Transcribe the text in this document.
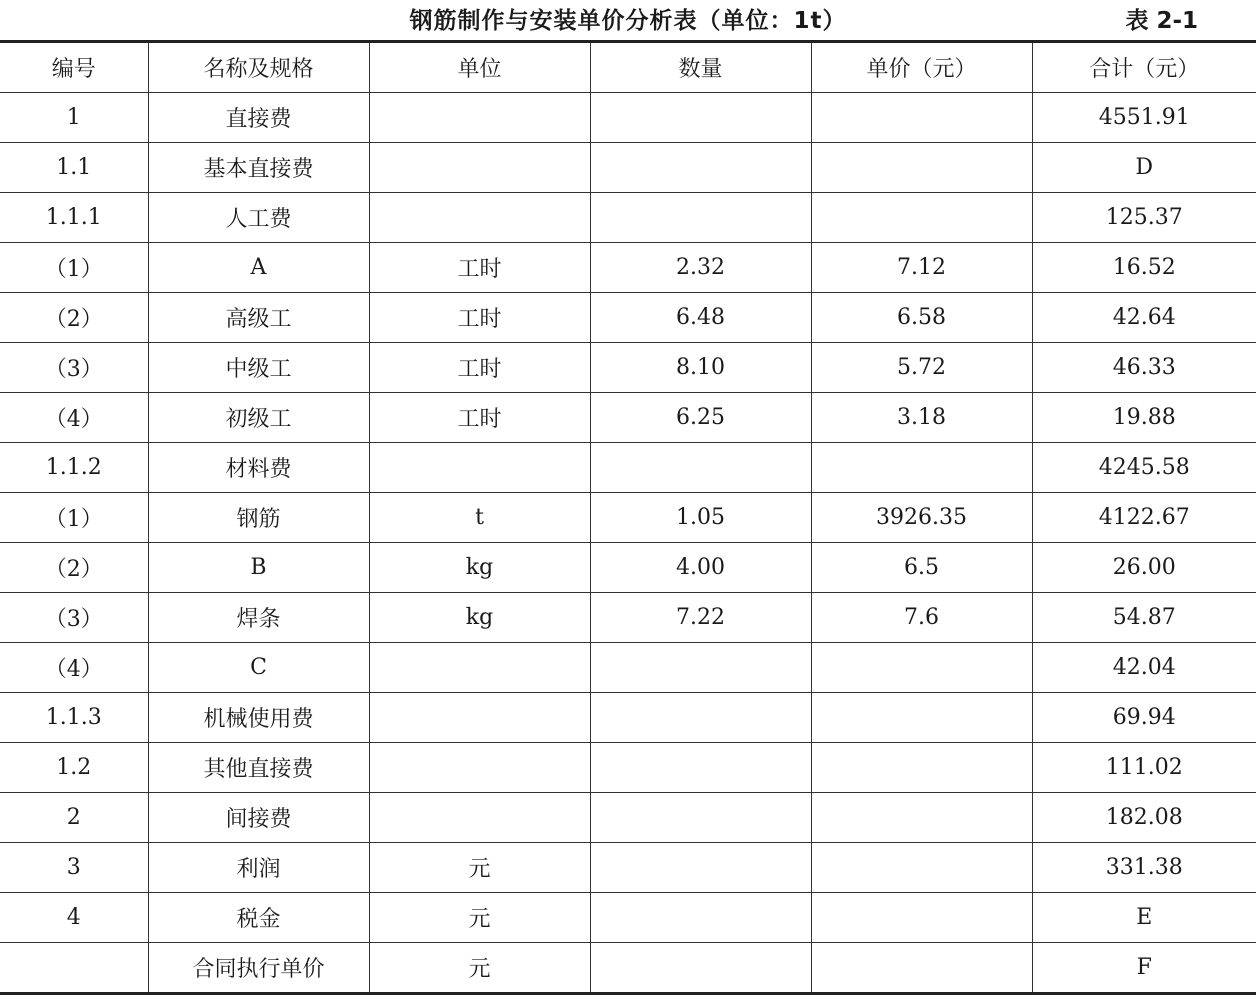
钢筋制作与安装单价分析表（单位：1t）	表 2-1
编号	名称及规格	单位	数量	单价（元）	合计（元）
1	直接费				4551.91
1.1	基本直接费				D
1.1.1	人工费				125.37
（1）	A	工时	2.32	7.12	16.52
（2）	高级工	工时	6.48	6.58	42.64
（3）	中级工	工时	8.10	5.72	46.33
（4）	初级工	工时	6.25	3.18	19.88
1.1.2	材料费				4245.58
（1）	钢筋	t	1.05	3926.35	4122.67
（2）	B	kg	4.00	6.5	26.00
（3）	焊条	kg	7.22	7.6	54.87
（4）	C				42.04
1.1.3	机械使用费				69.94
1.2	其他直接费				111.02
2	间接费				182.08
3	利润	元			331.38
4	税金	元			E
	合同执行单价	元			F
